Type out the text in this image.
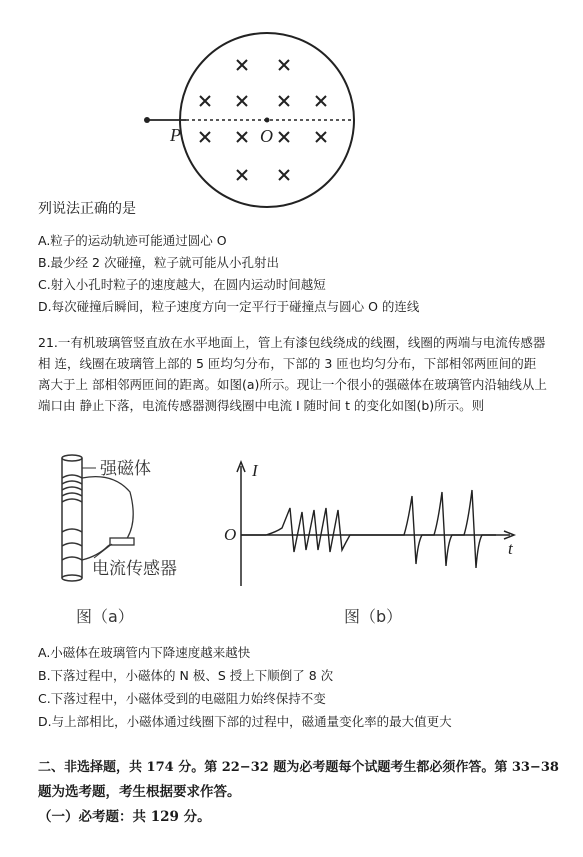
P	O
列说法正确的是
A.粒子的运动轨迹可能通过圆心 O
B.最少经 2 次碰撞，粒子就可能从小孔射出
C.射入小孔时粒子的速度越大，在圆内运动时间越短
D.每次碰撞后瞬间，粒子速度方向一定平行于碰撞点与圆心 O 的连线
21.一有机玻璃管竖直放在水平地面上，管上有漆包线绕成的线圈，线圈的两端与电流传感器相 连，线圈在玻璃管上部的 5 匝均匀分布，下部的 3 匝也均匀分布，下部相邻两匝间的距离大于上 部相邻两匝间的距离。如图(a)所示。现让一个很小的强磁体在玻璃管内沿轴线从上端口由 静止下落，电流传感器测得线圈中电流 I 随时间 t 的变化如图(b)所示。则
强磁体
电流传感器
图（a）
I
t
O
图（b）
A.小磁体在玻璃管内下降速度越来越快
B.下落过程中，小磁体的 N 极、S 授上下顺倒了 8 次
C.下落过程中，小磁体受到的电磁阻力始终保持不变
D.与上部相比，小磁体通过线圈下部的过程中，磁通量变化率的最大值更大
二、非选择题，共 174 分。第 22−32 题为必考题每个试题考生都必须作答。第 33−38
题为选考题，考生根据要求作答。
（一）必考题：共 129 分。
